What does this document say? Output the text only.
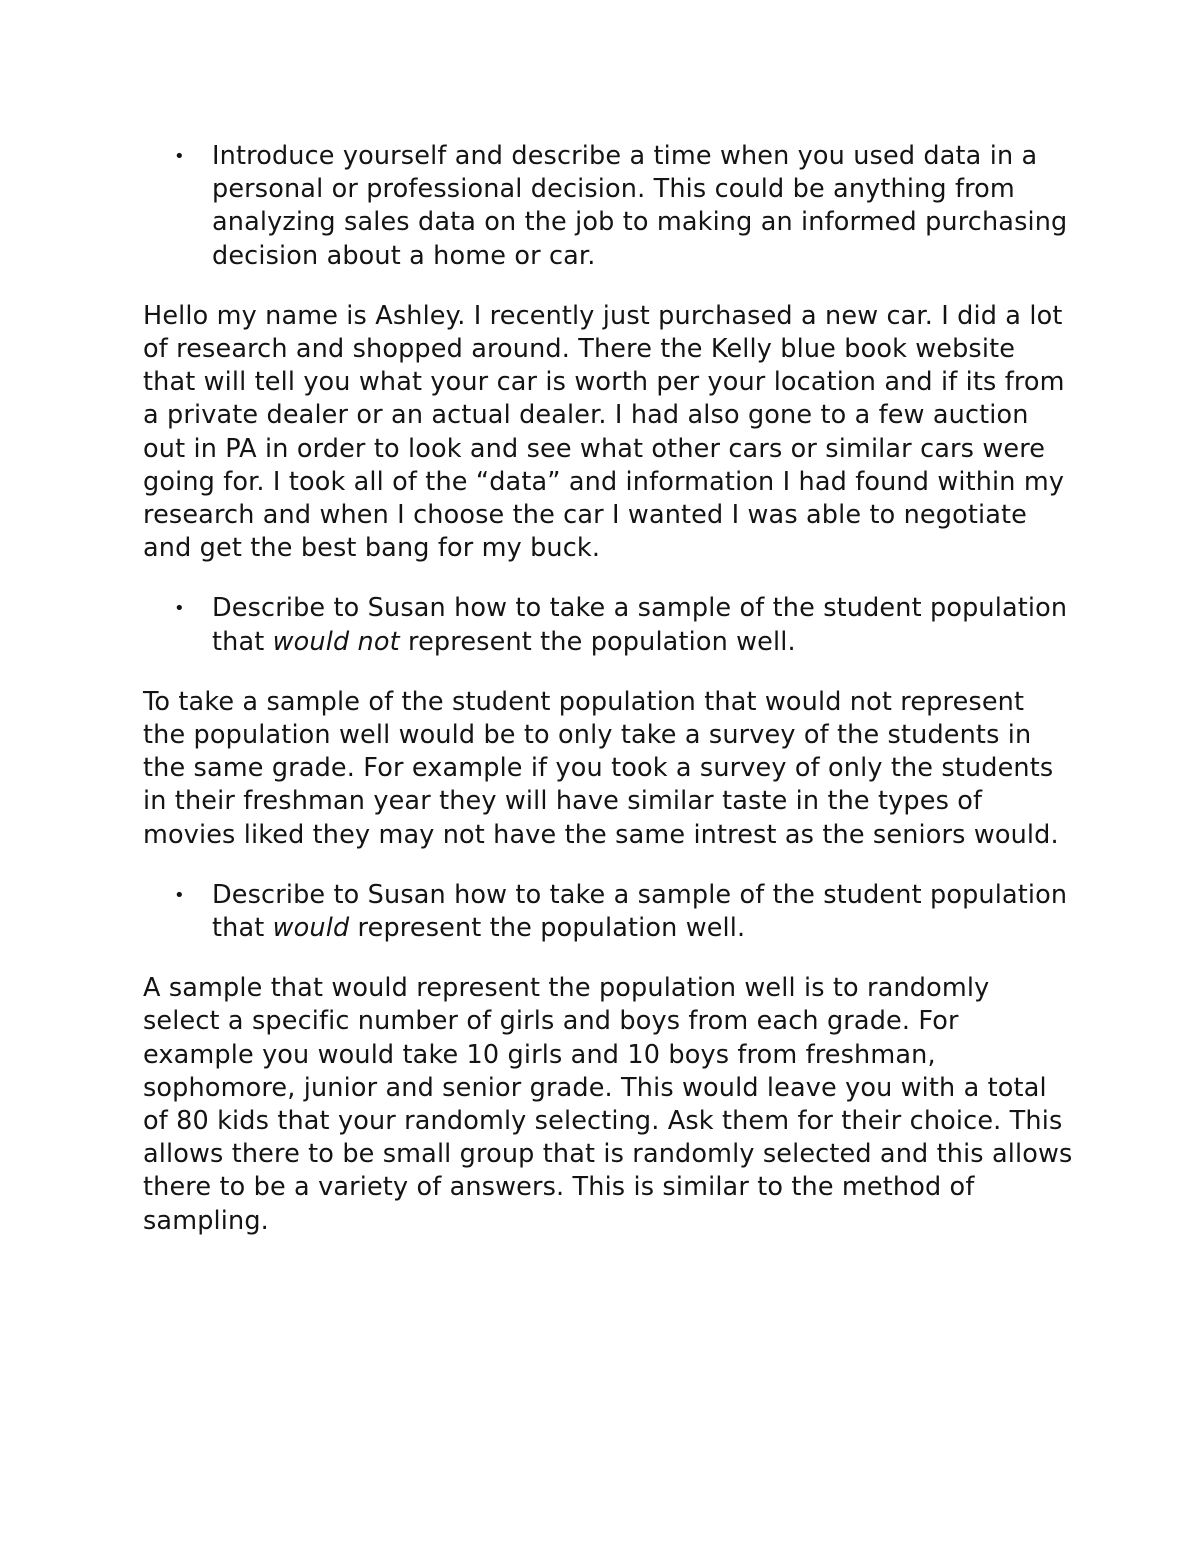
• Introduce yourself and describe a time when you used data in a personal or professional decision. This could be anything from analyzing sales data on the job to making an informed purchasing decision about a home or car.

Hello my name is Ashley. I recently just purchased a new car. I did a lot of research and shopped around. There the Kelly blue book website that will tell you what your car is worth per your location and if its from a private dealer or an actual dealer. I had also gone to a few auction out in PA in order to look and see what other cars or similar cars were going for. I took all of the “data” and information I had found within my research and when I choose the car I wanted I was able to negotiate and get the best bang for my buck.

• Describe to Susan how to take a sample of the student population that would not represent the population well.

To take a sample of the student population that would not represent the population well would be to only take a survey of the students in the same grade. For example if you took a survey of only the students in their freshman year they will have similar taste in the types of movies liked they may not have the same intrest as the seniors would.

• Describe to Susan how to take a sample of the student population that would represent the population well.

A sample that would represent the population well is to randomly select a specific number of girls and boys from each grade. For example you would take 10 girls and 10 boys from freshman, sophomore, junior and senior grade. This would leave you with a total of 80 kids that your randomly selecting. Ask them for their choice. This allows there to be small group that is randomly selected and this allows there to be a variety of answers. This is similar to the method of sampling.
